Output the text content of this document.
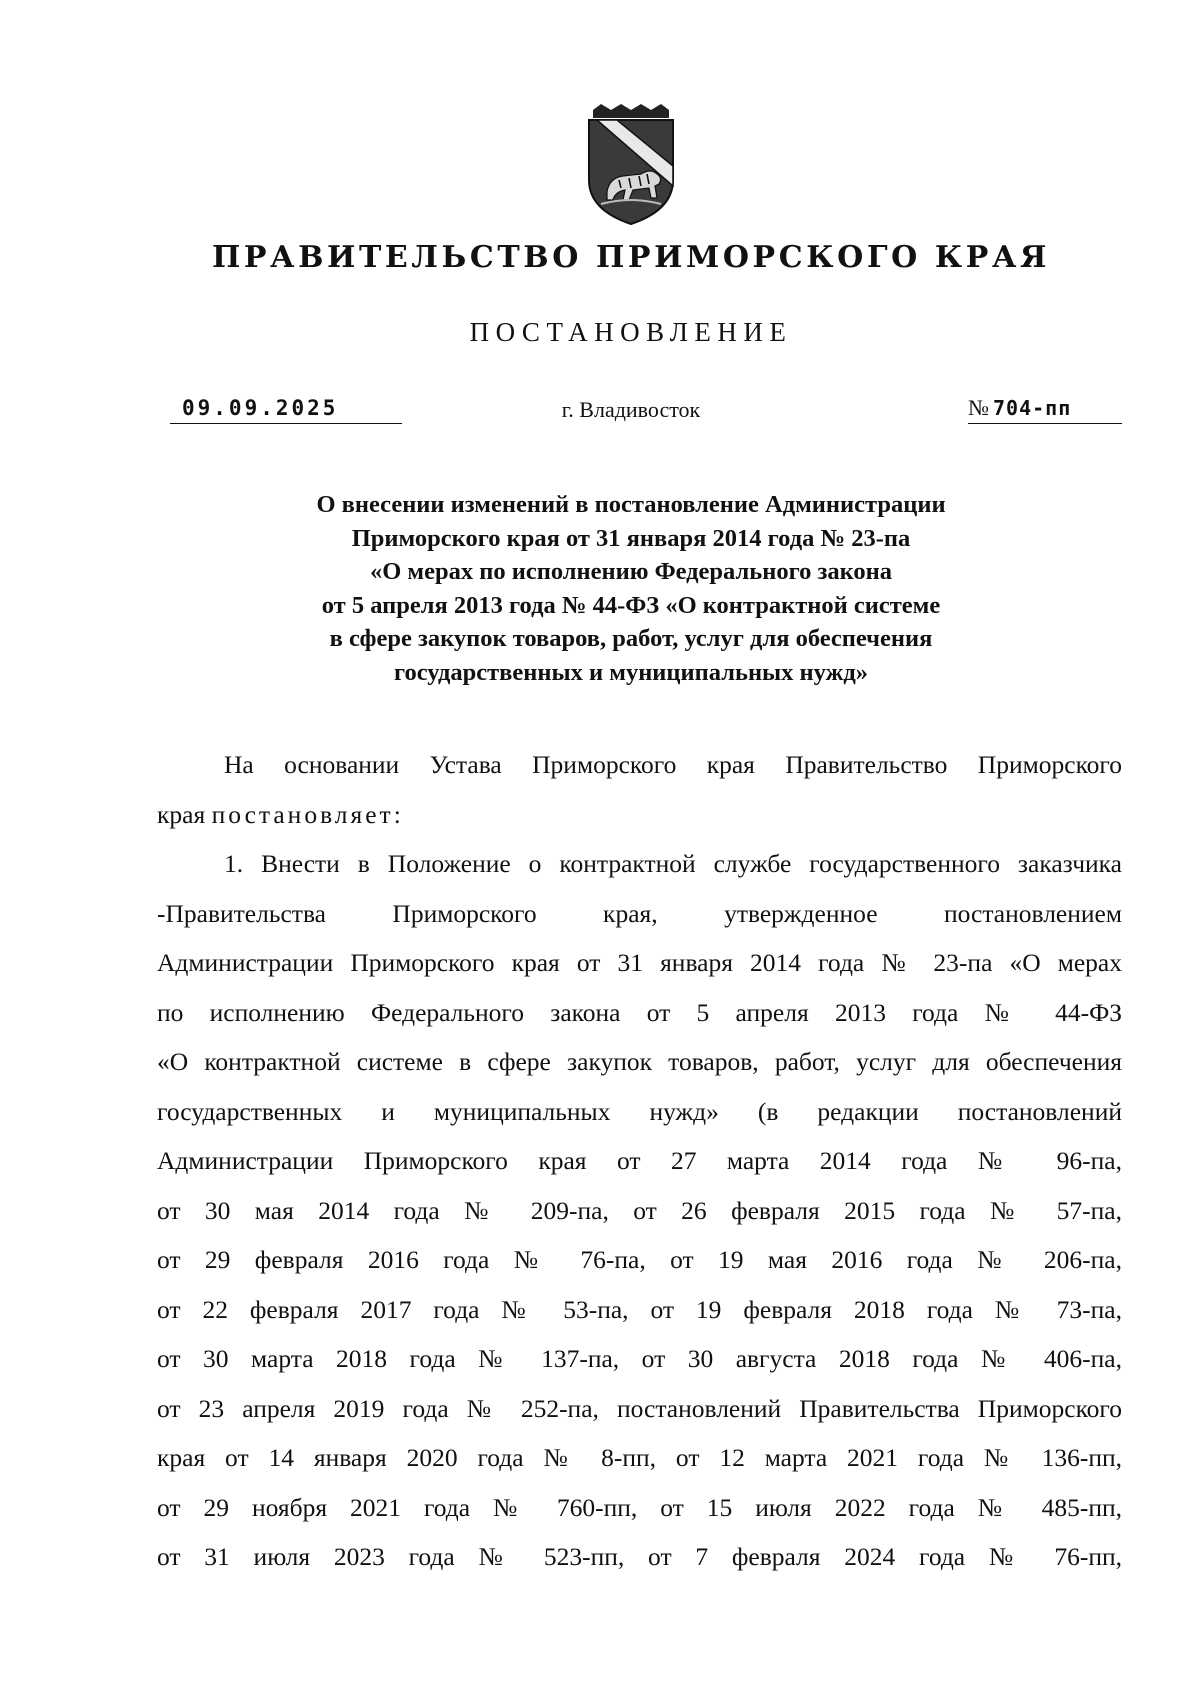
ПРАВИТЕЛЬСТВО ПРИМОРСКОГО КРАЯ
ПОСТАНОВЛЕНИЕ
09.09.2025	г. Владивосток	№ 704-пп
О внесении изменений в постановление Администрации
Приморского края от 31 января 2014 года № 23-па
«О мерах по исполнению Федерального закона
от 5 апреля 2013 года № 44-ФЗ «О контрактной системе
в сфере закупок товаров, работ, услуг для обеспечения
государственных и муниципальных нужд»
На основании Устава Приморского края Правительство Приморского
края постановляет:
1. Внести в Положение о контрактной службе государственного заказчика
-Правительства Приморского края, утвержденное постановлением
Администрации Приморского края от 31 января 2014 года № 23-па «О мерах
по исполнению Федерального закона от 5 апреля 2013 года № 44-ФЗ
«О контрактной системе в сфере закупок товаров, работ, услуг для обеспечения
государственных и муниципальных нужд» (в редакции постановлений
Администрации Приморского края от 27 марта 2014 года № 96-па,
от 30 мая 2014 года № 209-па, от 26 февраля 2015 года № 57-па,
от 29 февраля 2016 года № 76-па, от 19 мая 2016 года № 206-па,
от 22 февраля 2017 года № 53-па, от 19 февраля 2018 года № 73-па,
от 30 марта 2018 года № 137-па, от 30 августа 2018 года № 406-па,
от 23 апреля 2019 года № 252-па, постановлений Правительства Приморского
края от 14 января 2020 года № 8-пп, от 12 марта 2021 года № 136-пп,
от 29 ноября 2021 года № 760-пп, от 15 июля 2022 года № 485-пп,
от 31 июля 2023 года № 523-пп, от 7 февраля 2024 года № 76-пп,
